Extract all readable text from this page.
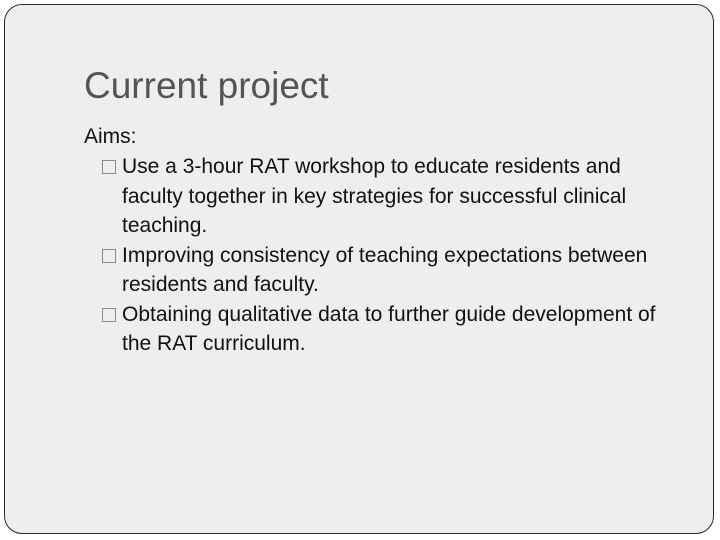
Current project

Aims:

Use a 3-hour RAT workshop to educate residents and faculty together in key strategies for successful clinical teaching.
Improving consistency of teaching expectations between residents and faculty.
Obtaining qualitative data to further guide development of the RAT curriculum.
